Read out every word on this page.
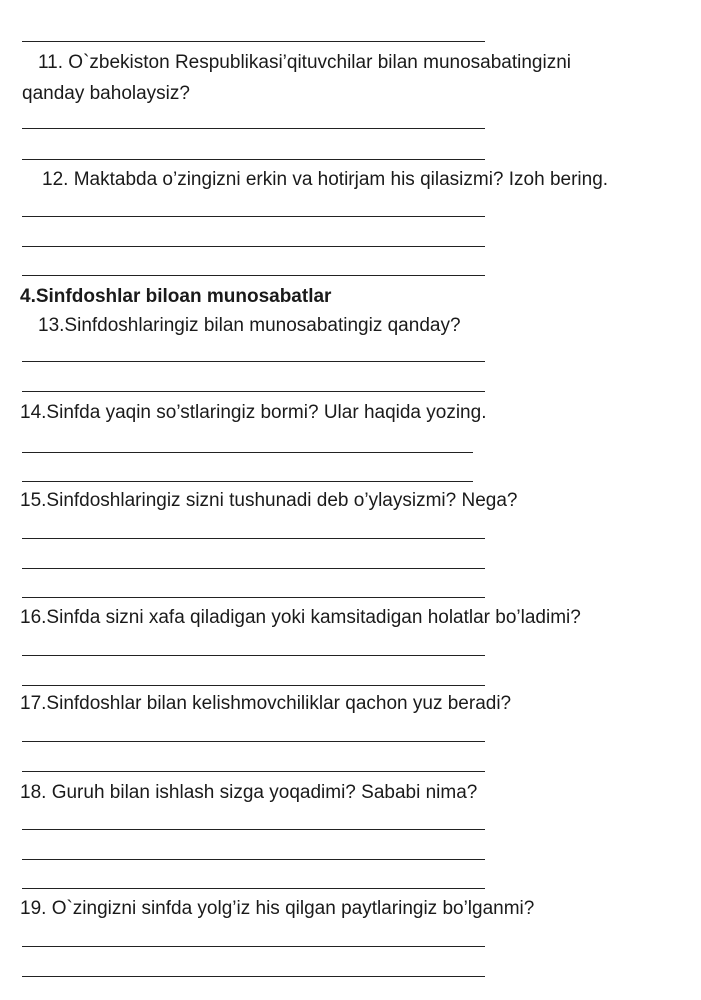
11. O`zbekiston Respublikasi’qituvchilar bilan munosabatingizni
qanday baholaysiz?
12. Maktabda o’zingizni erkin va hotirjam his qilasizmi? Izoh bering.
4.Sinfdoshlar biloan munosabatlar
13.Sinfdoshlaringiz bilan munosabatingiz qanday?
14.Sinfda yaqin so’stlaringiz bormi? Ular haqida yozing.
15.Sinfdoshlaringiz sizni tushunadi deb o’ylaysizmi? Nega?
16.Sinfda sizni xafa qiladigan yoki kamsitadigan holatlar bo’ladimi?
17.Sinfdoshlar bilan kelishmovchiliklar qachon yuz beradi?
18. Guruh bilan ishlash sizga yoqadimi? Sababi nima?
19. O`zingizni sinfda yolg’iz his qilgan paytlaringiz bo’lganmi?
